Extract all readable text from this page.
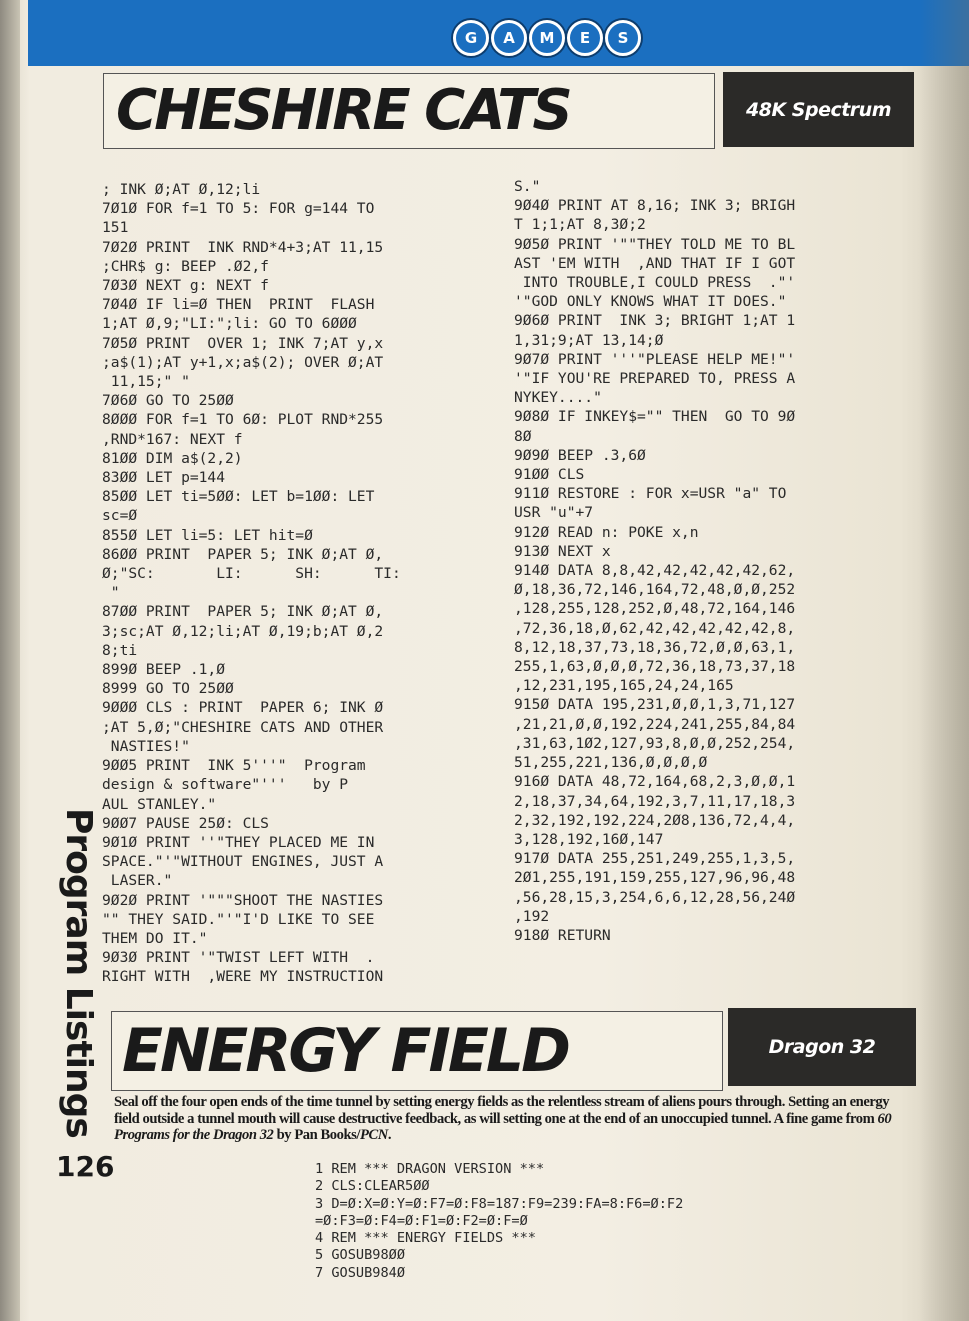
G	A	M	E	S
CHESHIRE CATS	48K Spectrum
; INK Ø;AT Ø,12;li
7Ø1Ø FOR f=1 TO 5: FOR g=144 TO
151
7Ø2Ø PRINT  INK RND*4+3;AT 11,15
;CHR$ g: BEEP .Ø2,f
7Ø3Ø NEXT g: NEXT f
7Ø4Ø IF li=Ø THEN  PRINT  FLASH
1;AT Ø,9;"LI:";li: GO TO 6ØØØ
7Ø5Ø PRINT  OVER 1; INK 7;AT y,x
;a$(1);AT y+1,x;a$(2); OVER Ø;AT
11,15;" "
7Ø6Ø GO TO 25ØØ
8ØØØ FOR f=1 TO 6Ø: PLOT RND*255
,RND*167: NEXT f
81ØØ DIM a$(2,2)
83ØØ LET p=144
85ØØ LET ti=5ØØ: LET b=1ØØ: LET
sc=Ø
855Ø LET li=5: LET hit=Ø
86ØØ PRINT  PAPER 5; INK Ø;AT Ø,
Ø;"SC:       LI:      SH:      TI:
"
87ØØ PRINT  PAPER 5; INK Ø;AT Ø,
3;sc;AT Ø,12;li;AT Ø,19;b;AT Ø,2
8;ti
899Ø BEEP .1,Ø
8999 GO TO 25ØØ
9ØØØ CLS : PRINT  PAPER 6; INK Ø
;AT 5,Ø;"CHESHIRE CATS AND OTHER
NASTIES!"
9ØØ5 PRINT  INK 5'''"  Program
design & software"'''   by P
AUL STANLEY."
9ØØ7 PAUSE 25Ø: CLS
9Ø1Ø PRINT ''"THEY PLACED ME IN
SPACE."'"WITHOUT ENGINES, JUST A
LASER."
9Ø2Ø PRINT '"""SHOOT THE NASTIES
"" THEY SAID."'"I'D LIKE TO SEE
THEM DO IT."
9Ø3Ø PRINT '"TWIST LEFT WITH  .
RIGHT WITH  ,WERE MY INSTRUCTION
S."
9Ø4Ø PRINT AT 8,16; INK 3; BRIGH
T 1;1;AT 8,3Ø;2
9Ø5Ø PRINT '""THEY TOLD ME TO BL
AST 'EM WITH  ,AND THAT IF I GOT
INTO TROUBLE,I COULD PRESS  ."'
'"GOD ONLY KNOWS WHAT IT DOES."
9Ø6Ø PRINT  INK 3; BRIGHT 1;AT 1
1,31;9;AT 13,14;Ø
9Ø7Ø PRINT '''"PLEASE HELP ME!"'
'"IF YOU'RE PREPARED TO, PRESS A
NYKEY...."
9Ø8Ø IF INKEY$="" THEN  GO TO 9Ø
8Ø
9Ø9Ø BEEP .3,6Ø
91ØØ CLS
911Ø RESTORE : FOR x=USR "a" TO
USR "u"+7
912Ø READ n: POKE x,n
913Ø NEXT x
914Ø DATA 8,8,42,42,42,42,42,62,
Ø,18,36,72,146,164,72,48,Ø,Ø,252
,128,255,128,252,Ø,48,72,164,146
,72,36,18,Ø,62,42,42,42,42,42,8,
8,12,18,37,73,18,36,72,Ø,Ø,63,1,
255,1,63,Ø,Ø,Ø,72,36,18,73,37,18
,12,231,195,165,24,24,165
915Ø DATA 195,231,Ø,Ø,1,3,71,127
,21,21,Ø,Ø,192,224,241,255,84,84
,31,63,1Ø2,127,93,8,Ø,Ø,252,254,
51,255,221,136,Ø,Ø,Ø,Ø
916Ø DATA 48,72,164,68,2,3,Ø,Ø,1
2,18,37,34,64,192,3,7,11,17,18,3
2,32,192,192,224,2Ø8,136,72,4,4,
3,128,192,16Ø,147
917Ø DATA 255,251,249,255,1,3,5,
2Ø1,255,191,159,255,127,96,96,48
,56,28,15,3,254,6,6,12,28,56,24Ø
,192
918Ø RETURN
ENERGY FIELD	Dragon 32
Seal off the four open ends of the time tunnel by setting energy fields as the relentless stream of aliens pours through. Setting an energy field outside a tunnel mouth will cause destructive feedback, as will setting one at the end of an unoccupied tunnel. A fine game from 60 Programs for the Dragon 32 by Pan Books/PCN.
1 REM *** DRAGON VERSION ***
2 CLS:CLEAR5ØØ
3 D=Ø:X=Ø:Y=Ø:F7=Ø:F8=187:F9=239:FA=8:F6=Ø:F2
=Ø:F3=Ø:F4=Ø:F1=Ø:F2=Ø:F=Ø
4 REM *** ENERGY FIELDS ***
5 GOSUB98ØØ
7 GOSUB984Ø
Program Listings
126
